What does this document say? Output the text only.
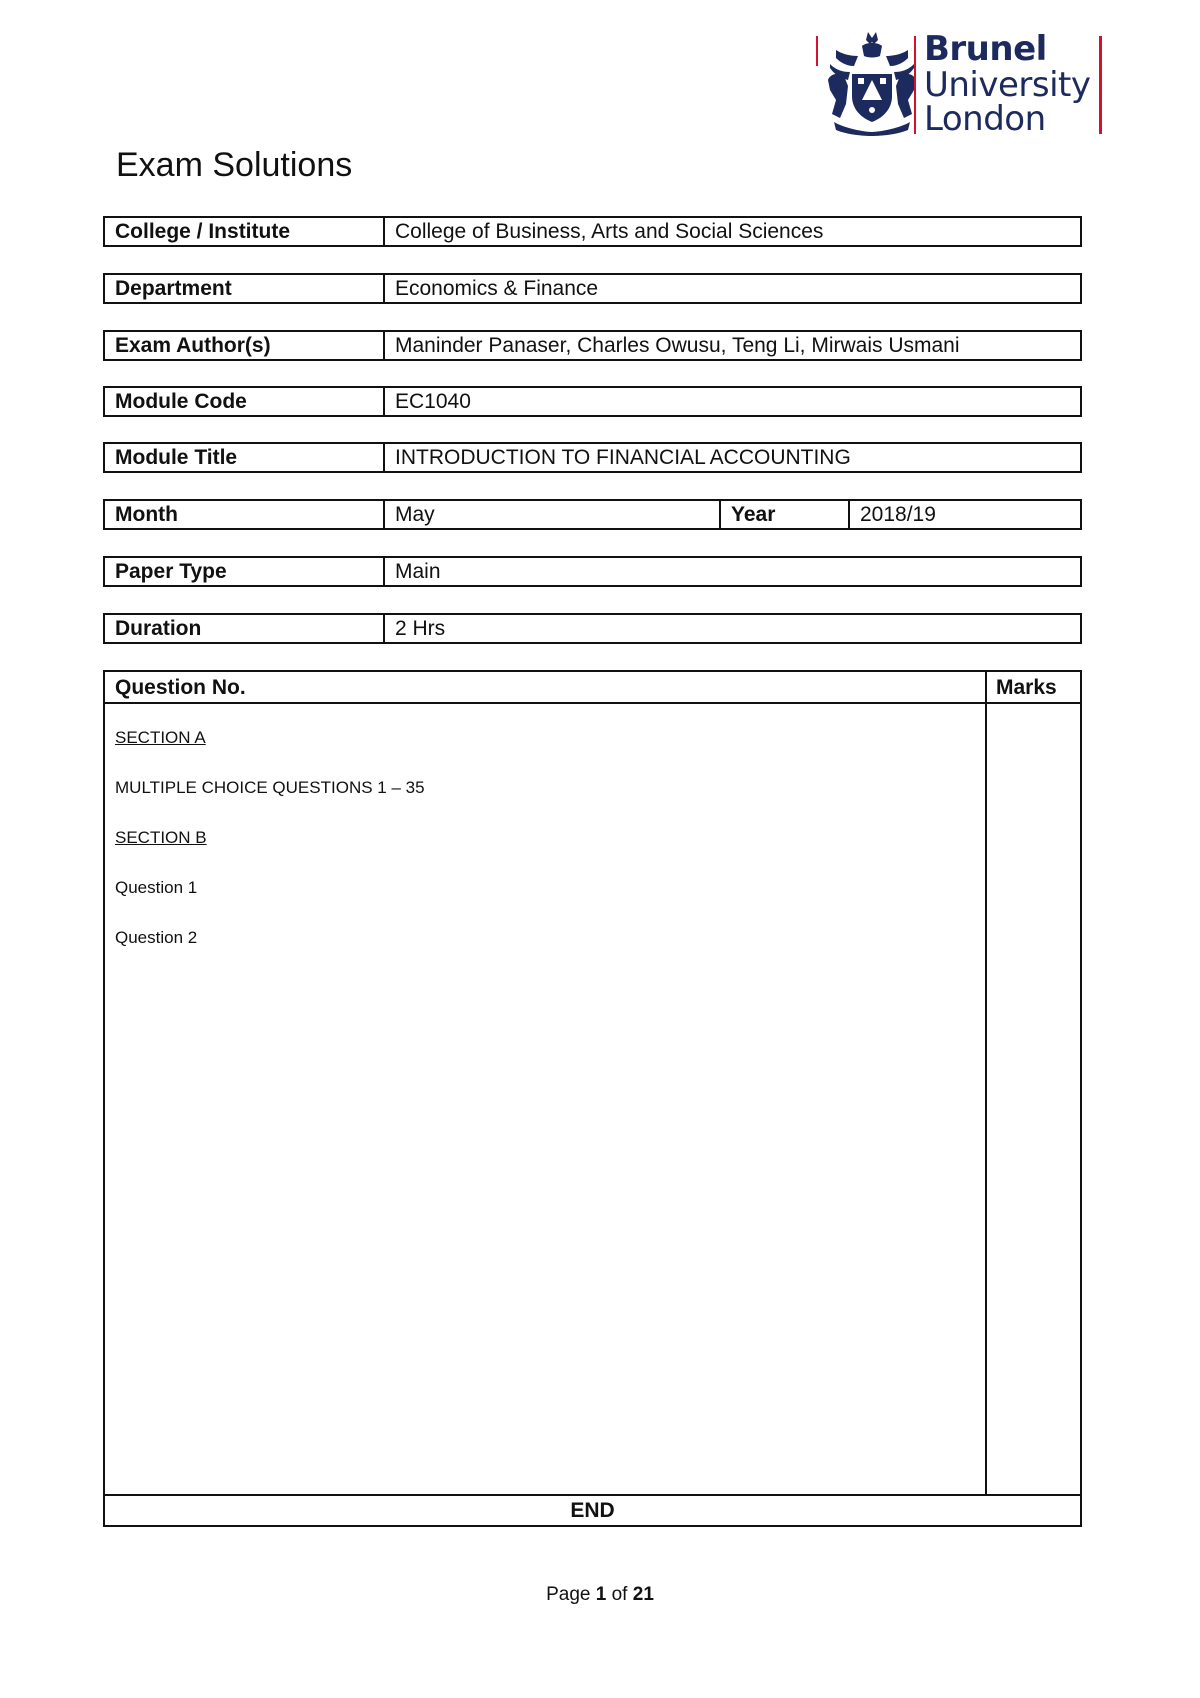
Brunel
University
London
Exam Solutions
College / Institute	College of Business, Arts and Social Sciences
Department	Economics & Finance
Exam Author(s)	Maninder Panaser, Charles Owusu, Teng Li, Mirwais Usmani
Module Code	EC1040
Module Title	INTRODUCTION TO FINANCIAL ACCOUNTING
Month	May	Year	2018/19
Paper Type	Main
Duration	2 Hrs
Question No.	Marks
SECTION A
MULTIPLE CHOICE QUESTIONS 1 – 35
SECTION B
Question 1
Question 2
END
Page 1 of 21
